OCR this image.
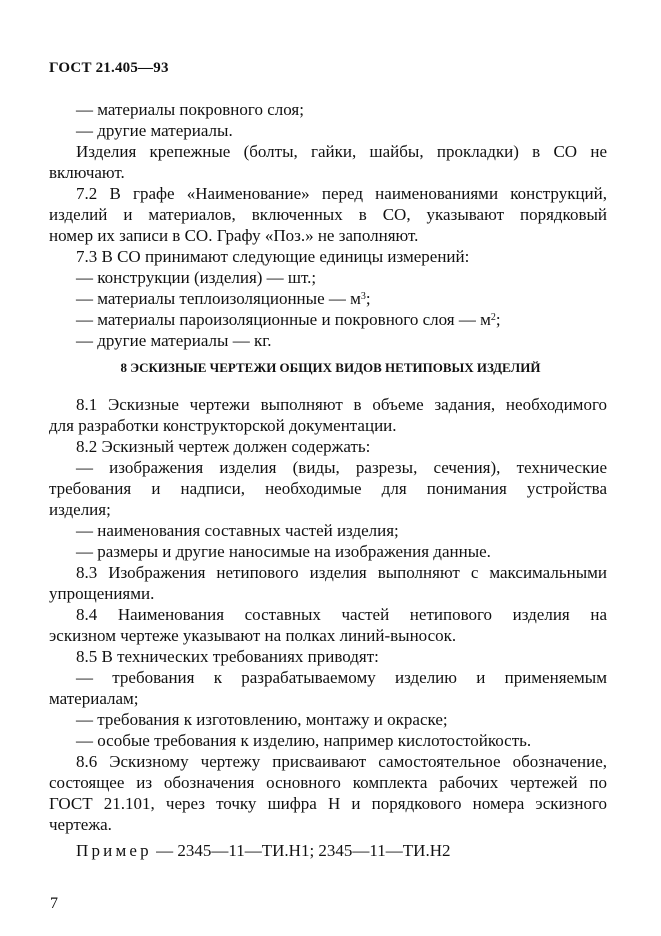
ГОСТ 21.405—93
— материалы покровного слоя;
— другие материалы.
Изделия крепежные (болты, гайки, шайбы, прокладки) в СО не
включают.
7.2 В графе «Наименование» перед наименованиями конструкций,
изделий и материалов, включенных в СО, указывают порядковый
номер их записи в СО. Графу «Поз.» не заполняют.
7.3 В СО принимают следующие единицы измерений:
— конструкции (изделия) — шт.;
— материалы теплоизоляционные — $м^3$;
— материалы пароизоляционные и покровного слоя — $м^2$;
— другие материалы — кг.
8 ЭСКИЗНЫЕ ЧЕРТЕЖИ ОБЩИХ ВИДОВ НЕТИПОВЫХ ИЗДЕЛИЙ
8.1 Эскизные чертежи выполняют в объеме задания, необходимого
для разработки конструкторской документации.
8.2 Эскизный чертеж должен содержать:
— изображения изделия (виды, разрезы, сечения), технические
требования и надписи, необходимые для понимания устройства
изделия;
— наименования составных частей изделия;
— размеры и другие наносимые на изображения данные.
8.3 Изображения нетипового изделия выполняют с максимальными
упрощениями.
8.4 Наименования составных частей нетипового изделия на
эскизном чертеже указывают на полках линий-выносок.
8.5 В технических требованиях приводят:
— требования к разрабатываемому изделию и применяемым
материалам;
— требования к изготовлению, монтажу и окраске;
— особые требования к изделию, например кислотостойкость.
8.6 Эскизному чертежу присваивают самостоятельное обозначение,
состоящее из обозначения основного комплекта рабочих чертежей по
ГОСТ 21.101, через точку шифра Н и порядкового номера эскизного
чертежа.
Пример — 2345—11—ТИ.Н1; 2345—11—ТИ.Н2
7
